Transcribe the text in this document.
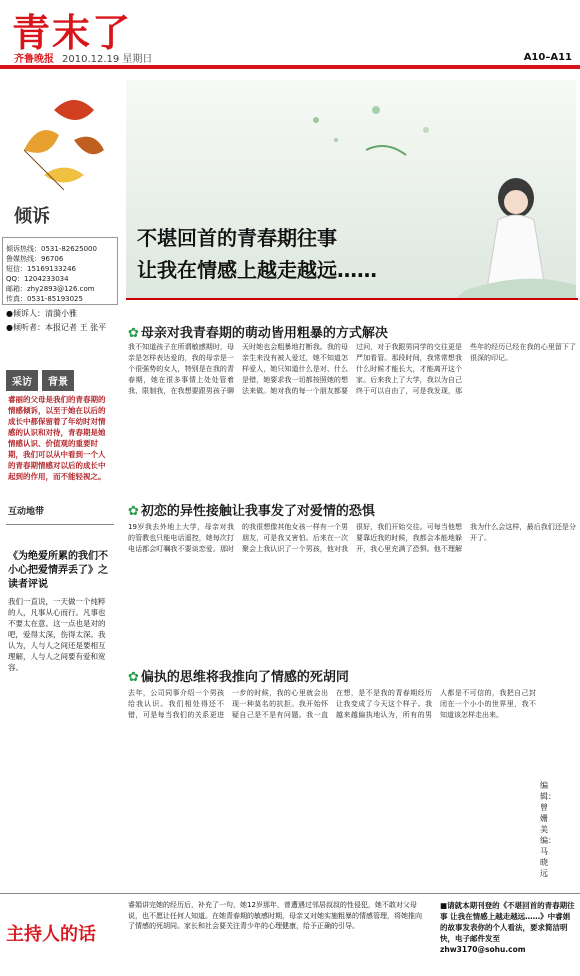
青末了
齐鲁晚报 2010.12.19 星期日	A10–A11
倾诉
倾诉热线：0531-82625000
鲁媒热线：96706
短信：15169133246
QQ：1204233034
邮箱：zhy2893@126.com
传真：0531-85193025
●倾诉人：清漪小雅
●倾听者：本报记者 王 张平
采访	背景
睿丽的父母是我们的青春期的情感倾诉，以至于她在以后的成长中都保留着了年幼时对情感的认识和对待，青春期是她情感认识、价值观的重要时期，我们可以从中看到一个人的青春期情感对以后的成长中起到的作用，而不能轻视之。
互动地带
《为绝爱所累的我们不小心把爱情弄丢了》之读者评说
我们一直说，一天做一个纯粹的人，凡事从心而行。凡事也不要太在意。这一点也是对的吧，爱得太深，伤得太深。我认为，人与人之间还是要相互理解，人与人之间要有爱和宽容。
不堪回首的青春期往事
让我在情感上越走越远……
✿ 母亲对我青春期的萌动皆用粗暴的方式解决
我不知道孩子在所谓敏感期时，母亲是怎样表达爱的，我的母亲是一个很强势的女人，特别是在我的青春期，她在很多事情上处处管着我、限制我，在我想要跟男孩子聊天时她也会粗暴地打断我。我的母亲生来没有被人爱过，她不知道怎样爱人，她只知道什么是对、什么是错，她要求我一切都按照她的想法来做。她对我的每一个朋友都要过问，对于我跟男同学的交往更是严加看管。那段时间，我常常想我什么时候才能长大，才能离开这个家。后来我上了大学，我以为自己终于可以自由了，可是我发现，那些年的经历已经在我的心里留下了很深的印记。
✿ 初恋的异性接触让我事发了对爱情的恐惧
19岁我去外地上大学，母亲对我的管教也只能电话遥控，她每次打电话都会叮嘱我不要谈恋爱。那时的我很想像其他女孩一样有一个男朋友，可是我又害怕。后来在一次聚会上我认识了一个男孩，他对我很好，我们开始交往。可每当他想要靠近我的时候，我都会本能地躲开，我心里充满了恐惧。他不理解我为什么会这样，最后我们还是分开了。
✿ 偏执的思维将我推向了情感的死胡同
去年，公司同事介绍一个男孩给我认识。我们相处得还不错，可是每当我们的关系更进一步的时候，我的心里就会出现一种莫名的抗拒。我开始怀疑自己是不是有问题。我一直在想，是不是我的青春期经历让我变成了今天这个样子。我越来越偏执地认为，所有的男人都是不可信的，我把自己封闭在一个小小的世界里，我不知道该怎样走出来。
编辑：曾 姗 美编：马晓远
主持人的话
睿娟讲完她的经历后，补充了一句，她12岁那年，曾遭遇过邻居叔叔的性侵犯，她不敢对父母说，也不愿让任何人知道。在她青春期的敏感时期，母亲又对她实施粗暴的情感管理，将她推向了情感的死胡同。家长和社会要关注青少年的心理健康，给予正确的引导。
■请就本期刊登的《不堪回首的青春期往事 让我在情感上越走越远……》中睿娟的故事发表你的个人看法，要求简洁明快，电子邮件发至 zhw3170@sohu.com
